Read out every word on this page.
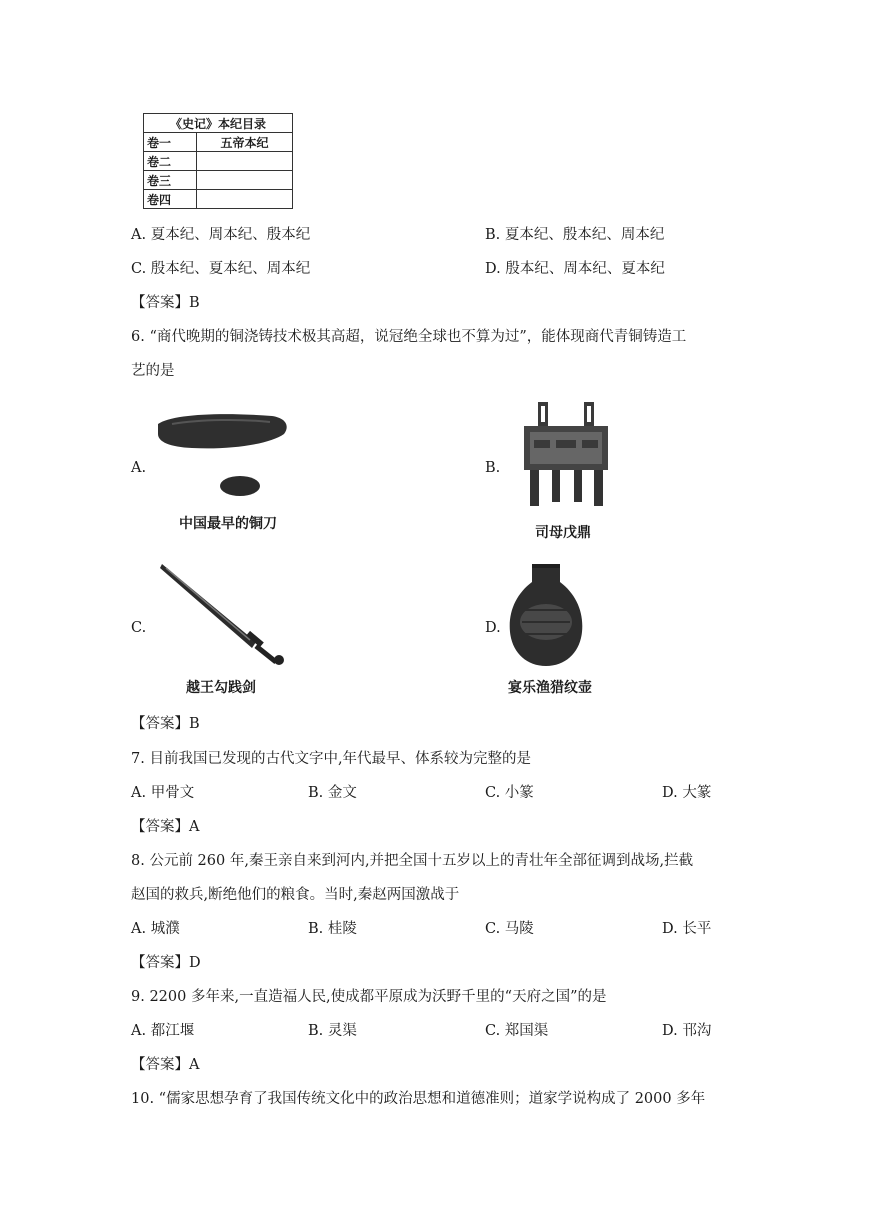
《史记》本纪目录	
卷一	五帝本纪
卷二	
卷三	
卷四	
A. 夏本纪、周本纪、殷本纪	B. 夏本纪、殷本纪、周本纪
C. 殷本纪、夏本纪、周本纪	D. 殷本纪、周本纪、夏本纪
【答案】B
6. “商代晚期的铜浇铸技术极其高超，说冠绝全球也不算为过”，能体现商代青铜铸造工
艺的是
A.	B.
C.	D.
中国最早的铜刀
司母戊鼎
越王勾践剑	宴乐渔猎纹壶
【答案】B
7. 目前我国已发现的古代文字中,年代最早、体系较为完整的是
A. 甲骨文	B. 金文	C. 小篆	D. 大篆
【答案】A
8. 公元前 260 年,秦王亲自来到河内,并把全国十五岁以上的青壮年全部征调到战场,拦截
赵国的救兵,断绝他们的粮食。当时,秦赵两国激战于
A. 城濮	B. 桂陵	C. 马陵	D. 长平
【答案】D
9. 2200 多年来,一直造福人民,使成都平原成为沃野千里的“天府之国”的是
A. 都江堰	B. 灵渠	C. 郑国渠	D. 邗沟
【答案】A
10. “儒家思想孕育了我国传统文化中的政治思想和道德准则；道家学说构成了 2000 多年
